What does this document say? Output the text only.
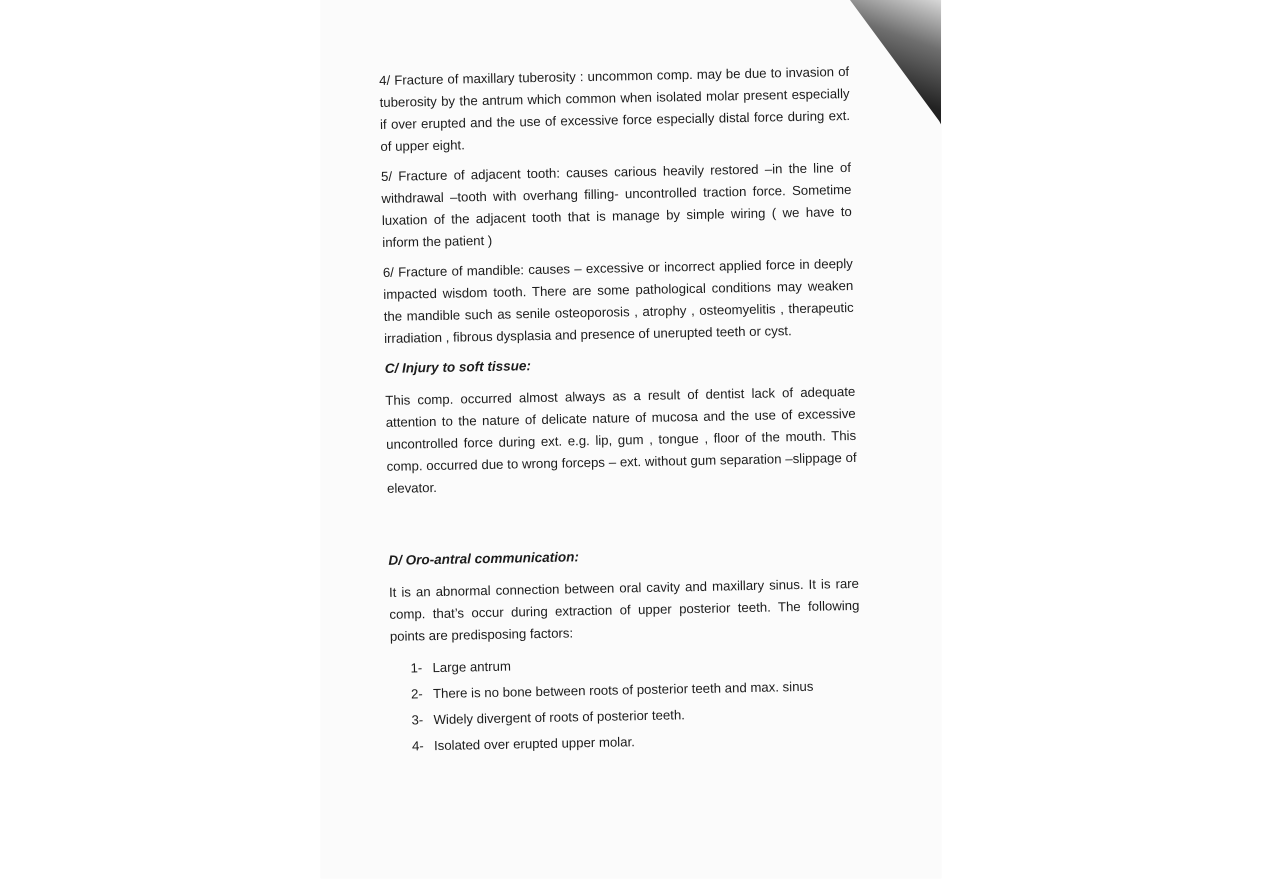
4/ Fracture of maxillary tuberosity : uncommon comp. may be due to invasion of tuberosity by the antrum which common when isolated molar present especially if over erupted and the use of excessive force especially distal force during ext. of upper eight.

5/ Fracture of adjacent tooth: causes carious heavily restored –in the line of withdrawal –tooth with overhang filling- uncontrolled traction force. Sometime luxation of the adjacent tooth that is manage by simple wiring ( we have to inform the patient )

6/ Fracture of mandible: causes – excessive or incorrect applied force in deeply impacted wisdom tooth. There are some pathological conditions may weaken the mandible such as senile osteoporosis , atrophy , osteomyelitis , therapeutic irradiation , fibrous dysplasia and presence of unerupted teeth or cyst.

C/ Injury to soft tissue:

This comp. occurred almost always as a result of dentist lack of adequate attention to the nature of delicate nature of mucosa and the use of excessive uncontrolled force during ext. e.g. lip, gum , tongue , floor of the mouth. This comp. occurred due to wrong forceps – ext. without gum separation –slippage of elevator.

D/ Oro-antral communication:

It is an abnormal connection between oral cavity and maxillary sinus. It is rare comp. that’s occur during extraction of upper posterior teeth. The following points are predisposing factors:

1- Large antrum
2- There is no bone between roots of posterior teeth and max. sinus
3- Widely divergent of roots of posterior teeth.
4- Isolated over erupted upper molar.
